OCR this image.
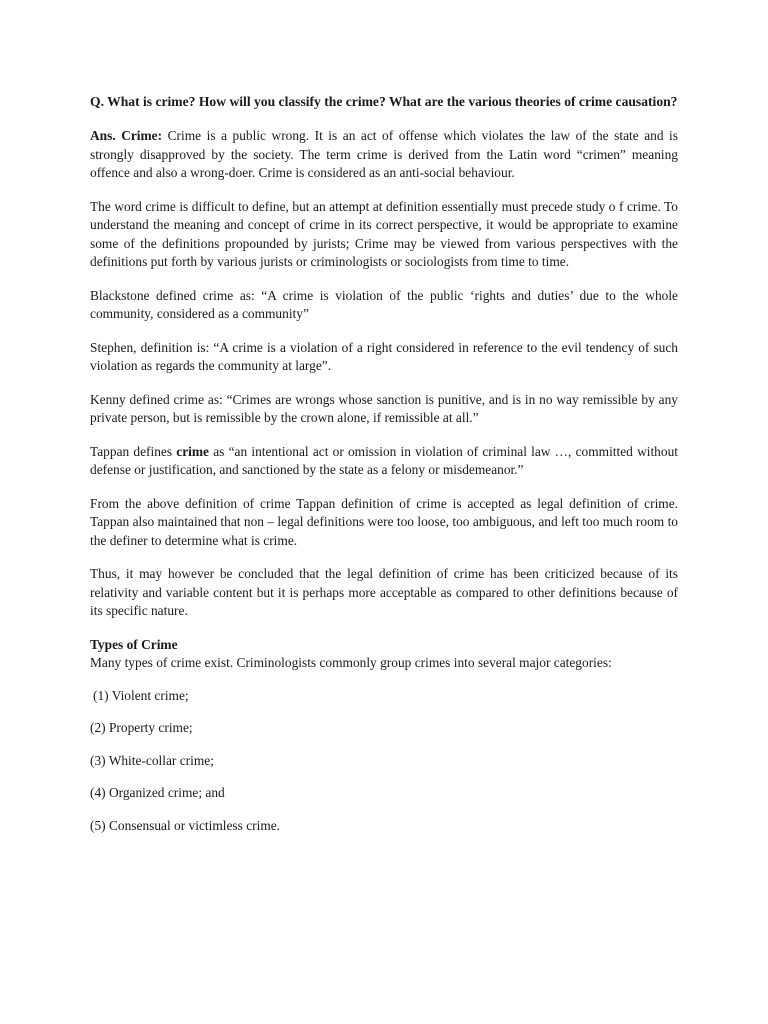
Q. What is crime? How will you classify the crime? What are the various theories of crime causation?

Ans. Crime: Crime is a public wrong. It is an act of offense which violates the law of the state and is strongly disapproved by the society. The term crime is derived from the Latin word “crimen” meaning offence and also a wrong-doer. Crime is considered as an anti-social behaviour.

The word crime is difficult to define, but an attempt at definition essentially must precede study o f crime. To understand the meaning and concept of crime in its correct perspective, it would be appropriate to examine some of the definitions propounded by jurists; Crime may be viewed from various perspectives with the definitions put forth by various jurists or criminologists or sociologists from time to time.

Blackstone defined crime as: “A crime is violation of the public ‘rights and duties’ due to the whole community, considered as a community”

Stephen, definition is: “A crime is a violation of a right considered in reference to the evil tendency of such violation as regards the community at large”.

Kenny defined crime as: “Crimes are wrongs whose sanction is punitive, and is in no way remissible by any private person, but is remissible by the crown alone, if remissible at all.”

Tappan defines crime as “an intentional act or omission in violation of criminal law …, committed without defense or justification, and sanctioned by the state as a felony or misdemeanor.”

From the above definition of crime Tappan definition of crime is accepted as legal definition of crime. Tappan also maintained that non – legal definitions were too loose, too ambiguous, and left too much room to the definer to determine what is crime.

Thus, it may however be concluded that the legal definition of crime has been criticized because of its relativity and variable content but it is perhaps more acceptable as compared to other definitions because of its specific nature.

Types of Crime

Many types of crime exist. Criminologists commonly group crimes into several major categories:

(1) Violent crime;

(2) Property crime;

(3) White-collar crime;

(4) Organized crime; and

(5) Consensual or victimless crime.
